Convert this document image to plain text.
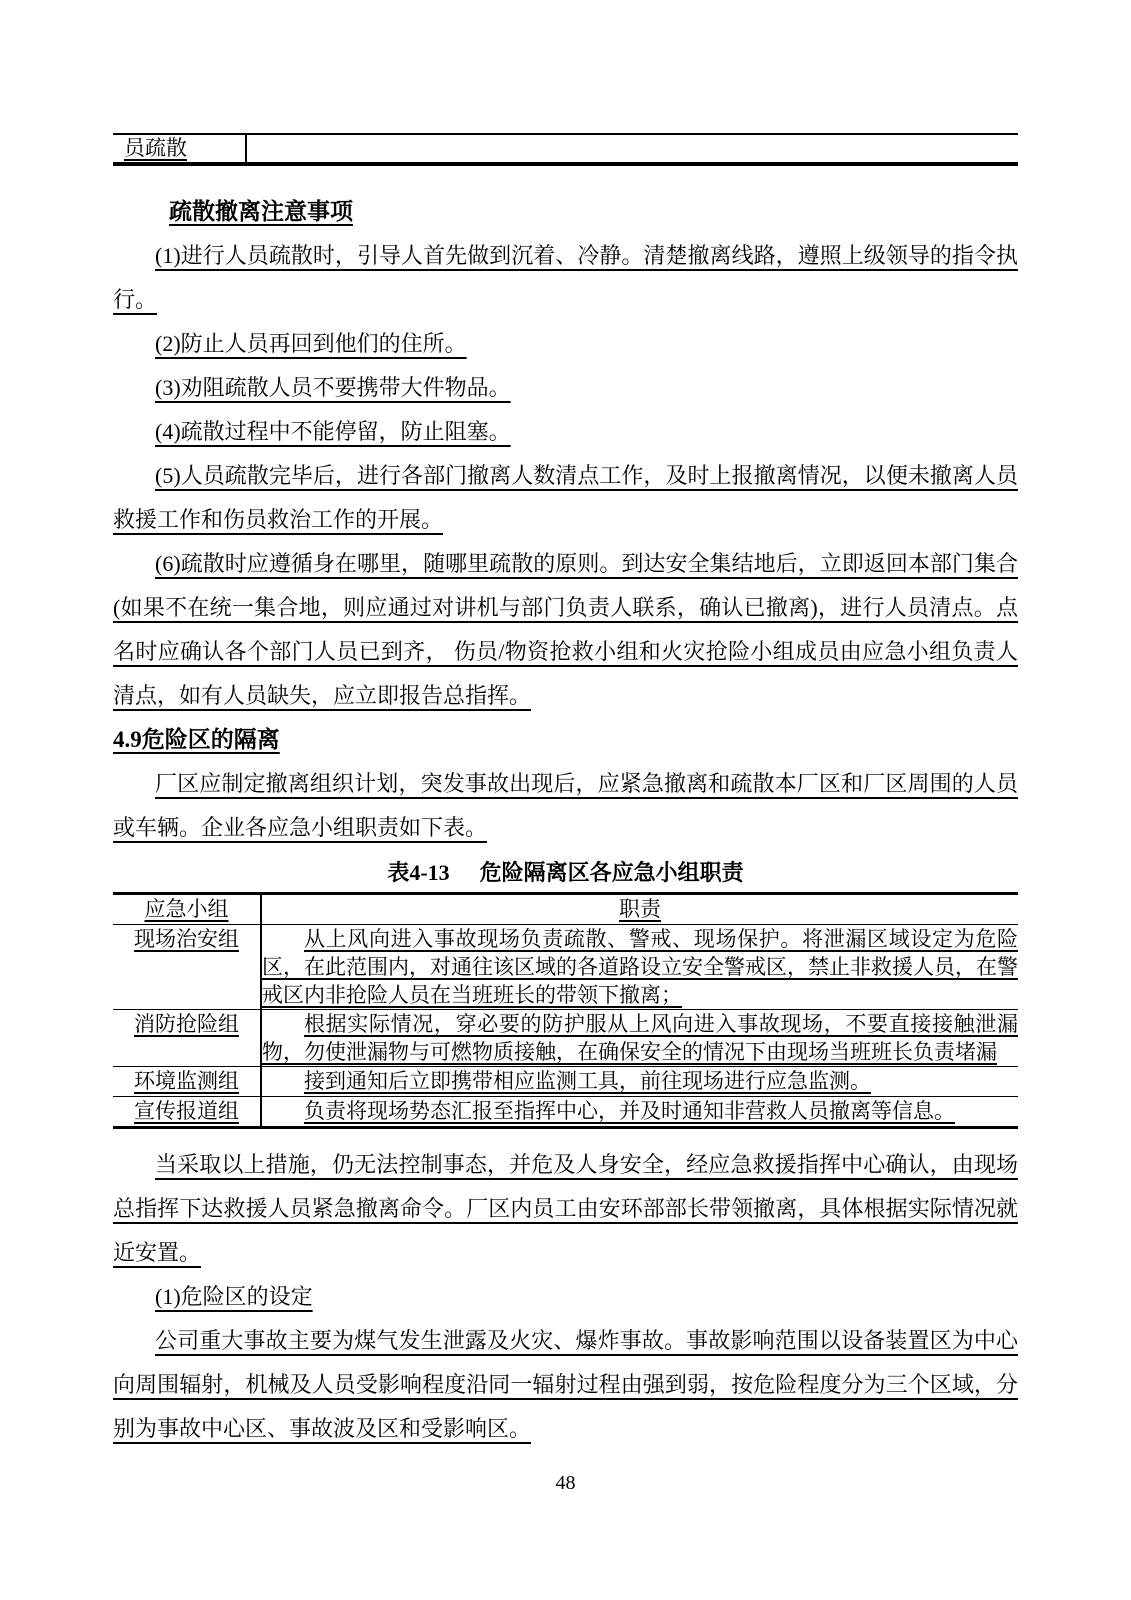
员疏散
疏散撤离注意事项

(1)进行人员疏散时，引导人首先做到沉着、冷静。清楚撤离线路，遵照上级领导的指令执行。

(2)防止人员再回到他们的住所。

(3)劝阻疏散人员不要携带大件物品。

(4)疏散过程中不能停留，防止阻塞。

(5)人员疏散完毕后，进行各部门撤离人数清点工作，及时上报撤离情况，以便未撤离人员救援工作和伤员救治工作的开展。

(6)疏散时应遵循身在哪里，随哪里疏散的原则。到达安全集结地后，立即返回本部门集合(如果不在统一集合地，则应通过对讲机与部门负责人联系，确认已撤离)，进行人员清点。点名时应确认各个部门人员已到齐， 伤员/物资抢救小组和火灾抢险小组成员由应急小组负责人清点，如有人员缺失，应立即报告总指挥。

4.9危险区的隔离

厂区应制定撤离组织计划，突发事故出现后，应紧急撤离和疏散本厂区和厂区周围的人员或车辆。企业各应急小组职责如下表。

表4-13 危险隔离区各应急小组职责
应急小组	职责
现场治安组	从上风向进入事故现场负责疏散、警戒、现场保护。将泄漏区域设定为危险区，在此范围内，对通往该区域的各道路设立安全警戒区，禁止非救援人员，在警戒区内非抢险人员在当班班长的带领下撤离；
消防抢险组	根据实际情况，穿必要的防护服从上风向进入事故现场，不要直接接触泄漏物，勿使泄漏物与可燃物质接触，在确保安全的情况下由现场当班班长负责堵漏
环境监测组	接到通知后立即携带相应监测工具，前往现场进行应急监测。
宣传报道组	负责将现场势态汇报至指挥中心，并及时通知非营救人员撤离等信息。

当采取以上措施，仍无法控制事态，并危及人身安全，经应急救援指挥中心确认，由现场总指挥下达救援人员紧急撤离命令。厂区内员工由安环部部长带领撤离，具体根据实际情况就近安置。

(1)危险区的设定

公司重大事故主要为煤气发生泄露及火灾、爆炸事故。事故影响范围以设备装置区为中心向周围辐射，机械及人员受影响程度沿同一辐射过程由强到弱，按危险程度分为三个区域，分别为事故中心区、事故波及区和受影响区。

48
